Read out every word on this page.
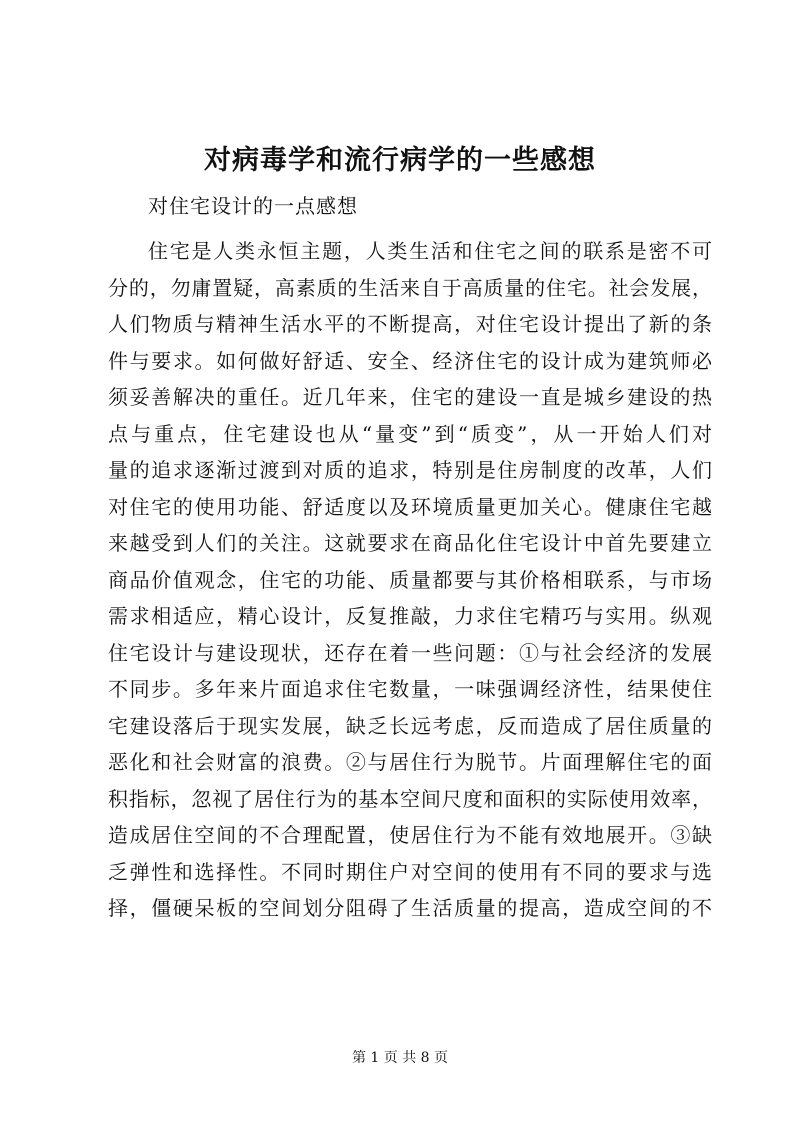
对病毒学和流行病学的一些感想

对住宅设计的一点感想

住宅是人类永恒主题，人类生活和住宅之间的联系是密不可

分的，勿庸置疑，高素质的生活来自于高质量的住宅。社会发展，

人们物质与精神生活水平的不断提高，对住宅设计提出了新的条

件与要求。如何做好舒适、安全、经济住宅的设计成为建筑师必

须妥善解决的重任。近几年来，住宅的建设一直是城乡建设的热

点与重点，住宅建设也从“量变”到“质变”，从一开始人们对

量的追求逐渐过渡到对质的追求，特别是住房制度的改革，人们

对住宅的使用功能、舒适度以及环境质量更加关心。健康住宅越

来越受到人们的关注。这就要求在商品化住宅设计中首先要建立

商品价值观念，住宅的功能、质量都要与其价格相联系，与市场

需求相适应，精心设计，反复推敲，力求住宅精巧与实用。纵观

住宅设计与建设现状，还存在着一些问题：①与社会经济的发展

不同步。多年来片面追求住宅数量，一味强调经济性，结果使住

宅建设落后于现实发展，缺乏长远考虑，反而造成了居住质量的

恶化和社会财富的浪费。②与居住行为脱节。片面理解住宅的面

积指标，忽视了居住行为的基本空间尺度和面积的实际使用效率，

造成居住空间的不合理配置，使居住行为不能有效地展开。③缺

乏弹性和选择性。不同时期住户对空间的使用有不同的要求与选

择，僵硬呆板的空间划分阻碍了生活质量的提高，造成空间的不

第 1 页 共 8 页
